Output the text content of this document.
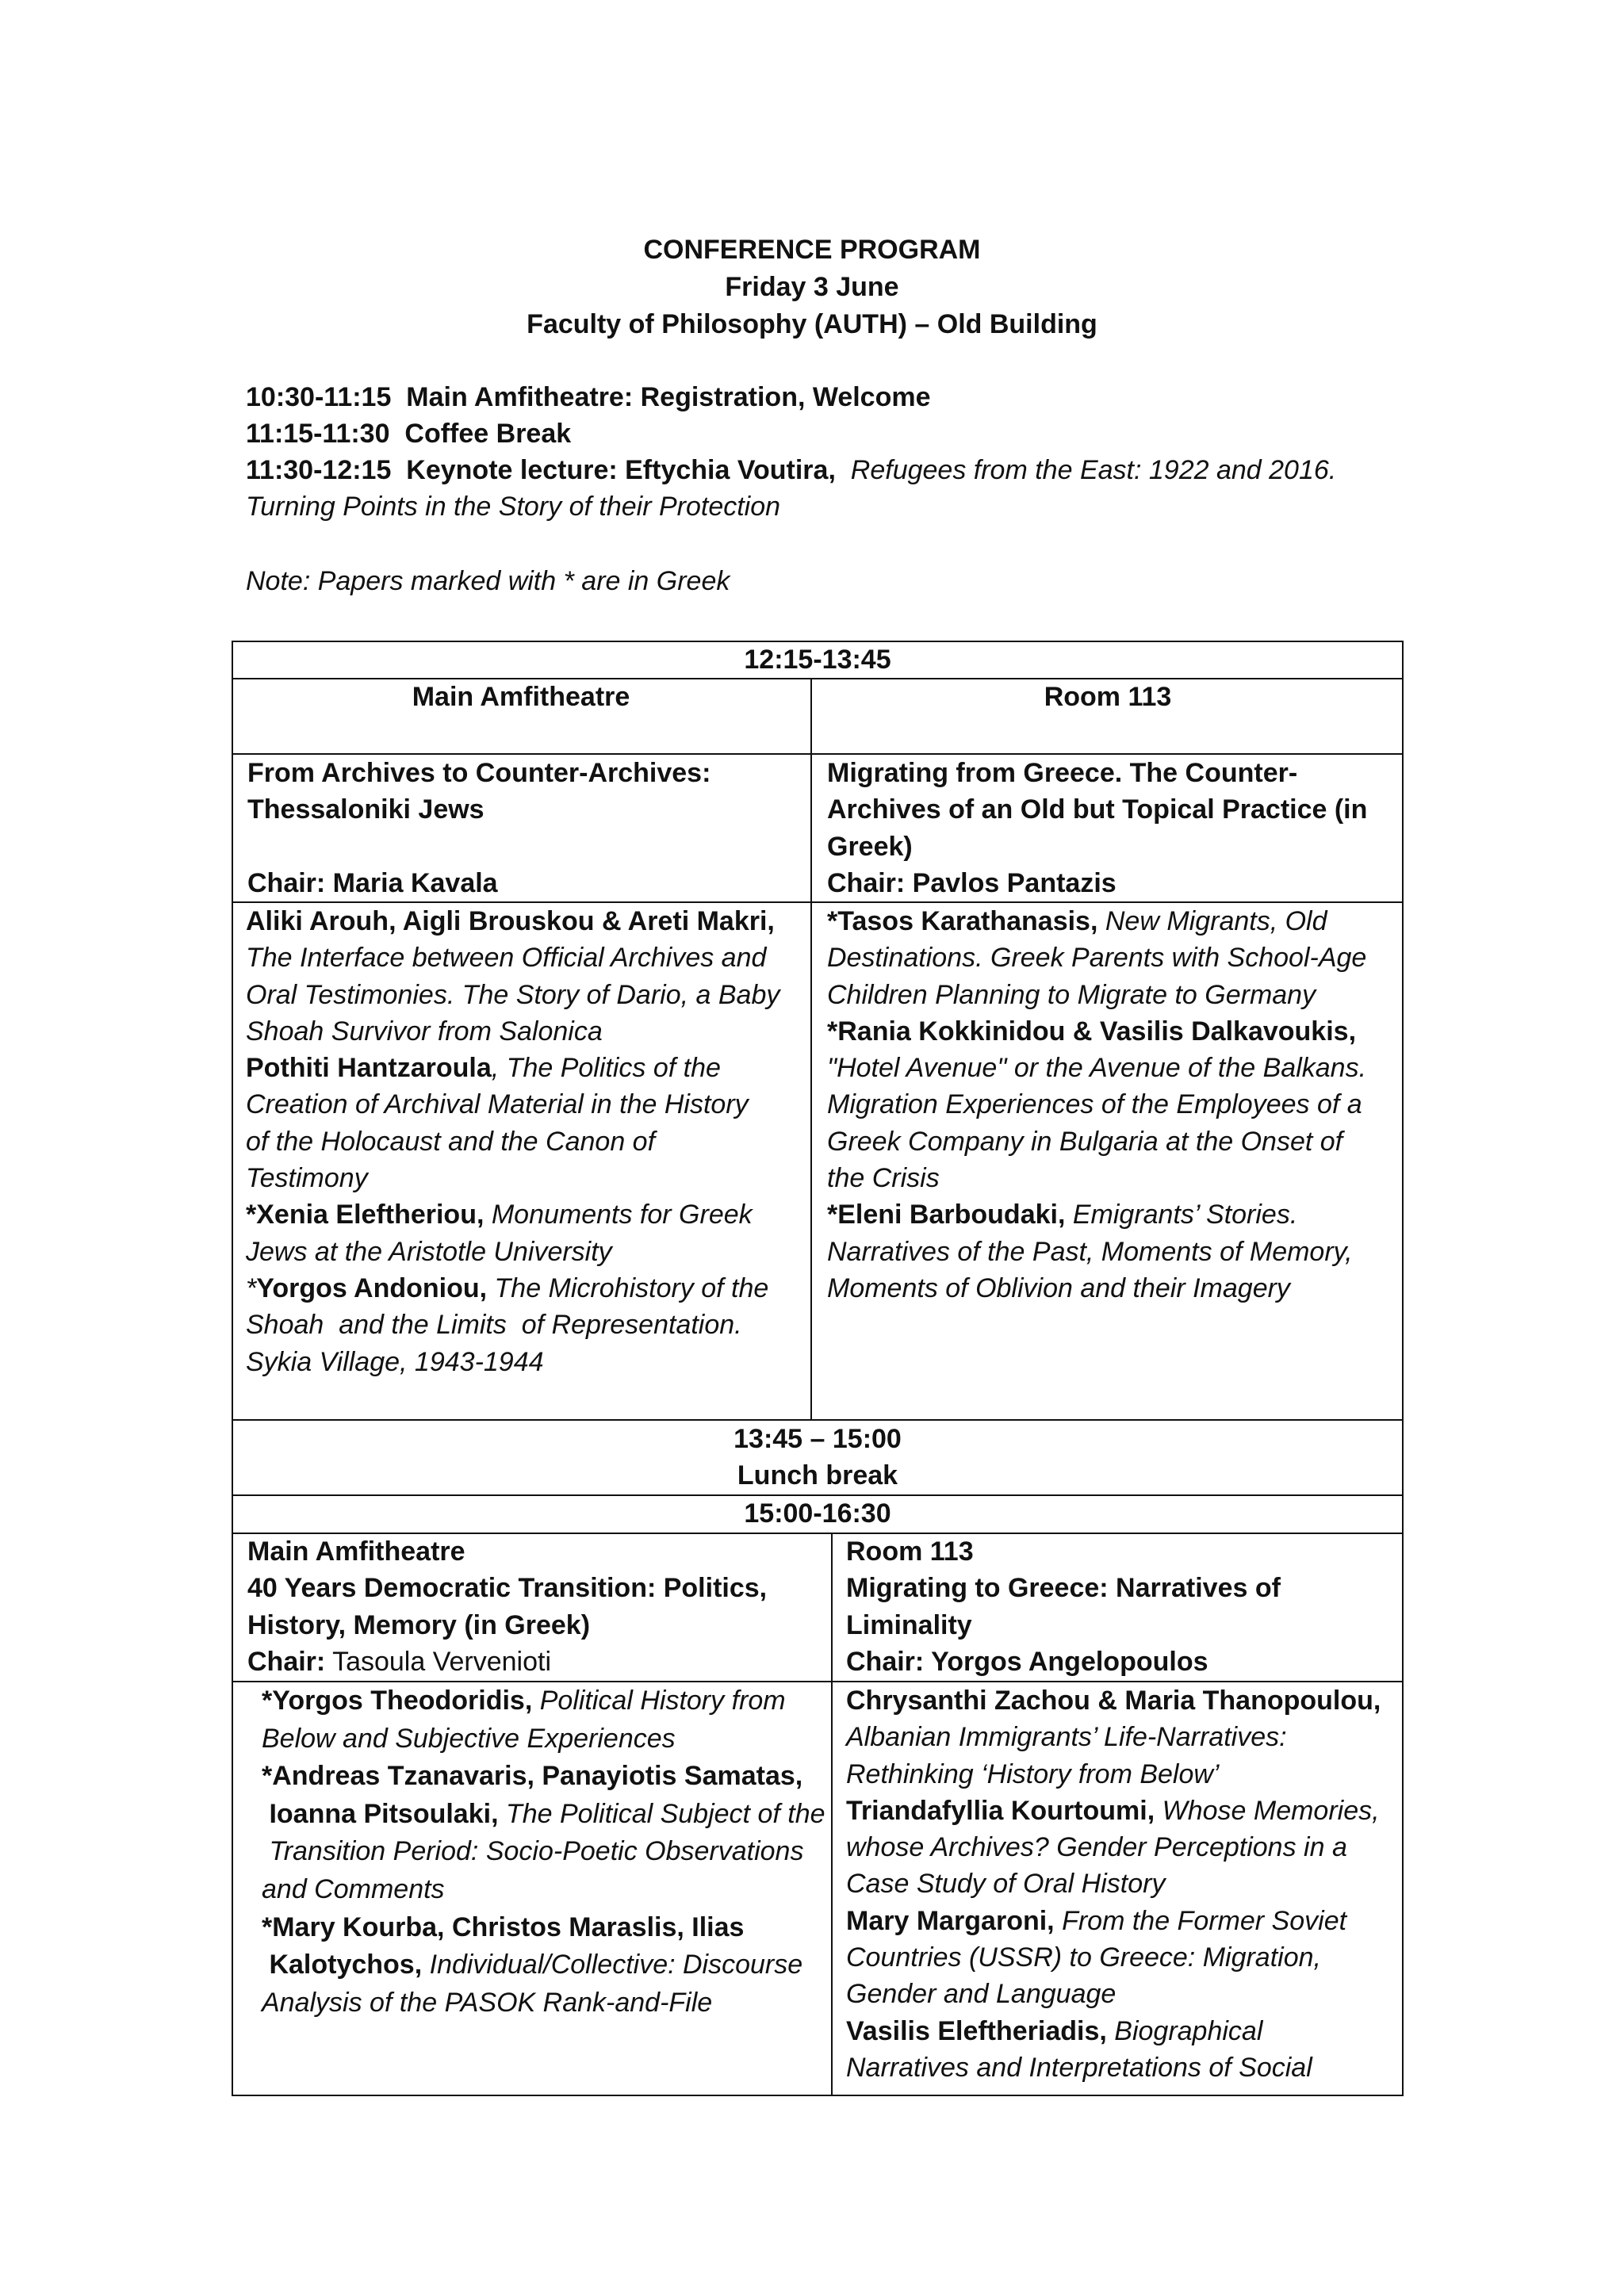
CONFERENCE PROGRAM
Friday 3 June
Faculty of Philosophy (AUTH) – Old Building
10:30-11:15 Main Amfitheatre: Registration, Welcome
11:15-11:30 Coffee Break
11:30-12:15 Keynote lecture: Eftychia Voutira, Refugees from the East: 1922 and 2016.
Turning Points in the Story of their Protection
Note: Papers marked with * are in Greek
12:15-13:45
Main Amfitheatre	Room 113
From Archives to Counter-Archives:
Thessaloniki Jews

Chair: Maria Kavala
Migrating from Greece. The Counter-
Archives of an Old but Topical Practice (in
Greek)
Chair: Pavlos Pantazis
Aliki Arouh, Aigli Brouskou & Areti Makri,
The Interface between Official Archives and
Oral Testimonies. The Story of Dario, a Baby
Shoah Survivor from Salonica
Pothiti Hantzaroula, The Politics of the
Creation of Archival Material in the History
of the Holocaust and the Canon of
Testimony
*Xenia Eleftheriou, Monuments for Greek
Jews at the Aristotle University
*Yorgos Andoniou, The Microhistory of the
Shoah  and the Limits  of Representation.
Sykia Village, 1943-1944
*Tasos Karathanasis, New Migrants, Old
Destinations. Greek Parents with School-Age
Children Planning to Migrate to Germany
*Rania Kokkinidou & Vasilis Dalkavoukis,
"Hotel Avenue" or the Avenue of the Balkans.
Migration Experiences of the Employees of a
Greek Company in Bulgaria at the Onset of
the Crisis
*Eleni Barboudaki, Emigrants’ Stories.
Narratives of the Past, Moments of Memory,
Moments of Oblivion and their Imagery
13:45 – 15:00
Lunch break
15:00-16:30
Main Amfitheatre
40 Years Democratic Transition: Politics,
History, Memory (in Greek)
Chair: Tasoula Vervenioti
Room 113
Migrating to Greece: Narratives of
Liminality
Chair: Yorgos Angelopoulos
*Yorgos Theodoridis, Political History from
Below and Subjective Experiences
*Andreas Tzanavaris, Panayiotis Samatas,
Ioanna Pitsoulaki, The Political Subject of the
Transition Period: Socio-Poetic Observations
and Comments
*Mary Kourba, Christos Maraslis, Ilias
Kalotychos, Individual/Collective: Discourse
Analysis of the PASOK Rank-and-File
Chrysanthi Zachou & Maria Thanopoulou,
Albanian Immigrants’ Life-Narratives:
Rethinking ‘History from Below’
Triandafyllia Kourtoumi, Whose Memories,
whose Archives? Gender Perceptions in a
Case Study of Oral History
Mary Margaroni, From the Former Soviet
Countries (USSR) to Greece: Migration,
Gender and Language
Vasilis Eleftheriadis, Biographical
Narratives and Interpretations of Social
